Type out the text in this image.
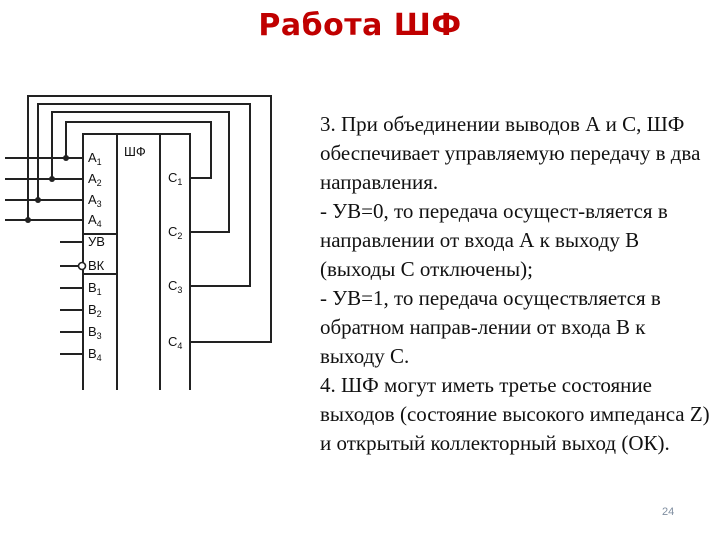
Работа ШФ
ШФ
$A_1$
$A_2$
$A_3$
$A_4$
УВ
ВК
$B_1$
$B_2$
$B_3$
$B_4$
$C_1$
$C_2$
$C_3$
$C_4$

3. При объединении выводов А и С, ШФ обеспечивает управляемую передачу в два направления.

- УВ=0, то передача осущест-вляется в направлении от входа А к выходу В (выходы С отключены);

- УВ=1, то передача осуществляется в обратном направ-лении от входа В к выходу С.

4. ШФ могут иметь третье состояние выходов (состояние высокого импеданса Z) и открытый коллекторный выход (ОК).

24
